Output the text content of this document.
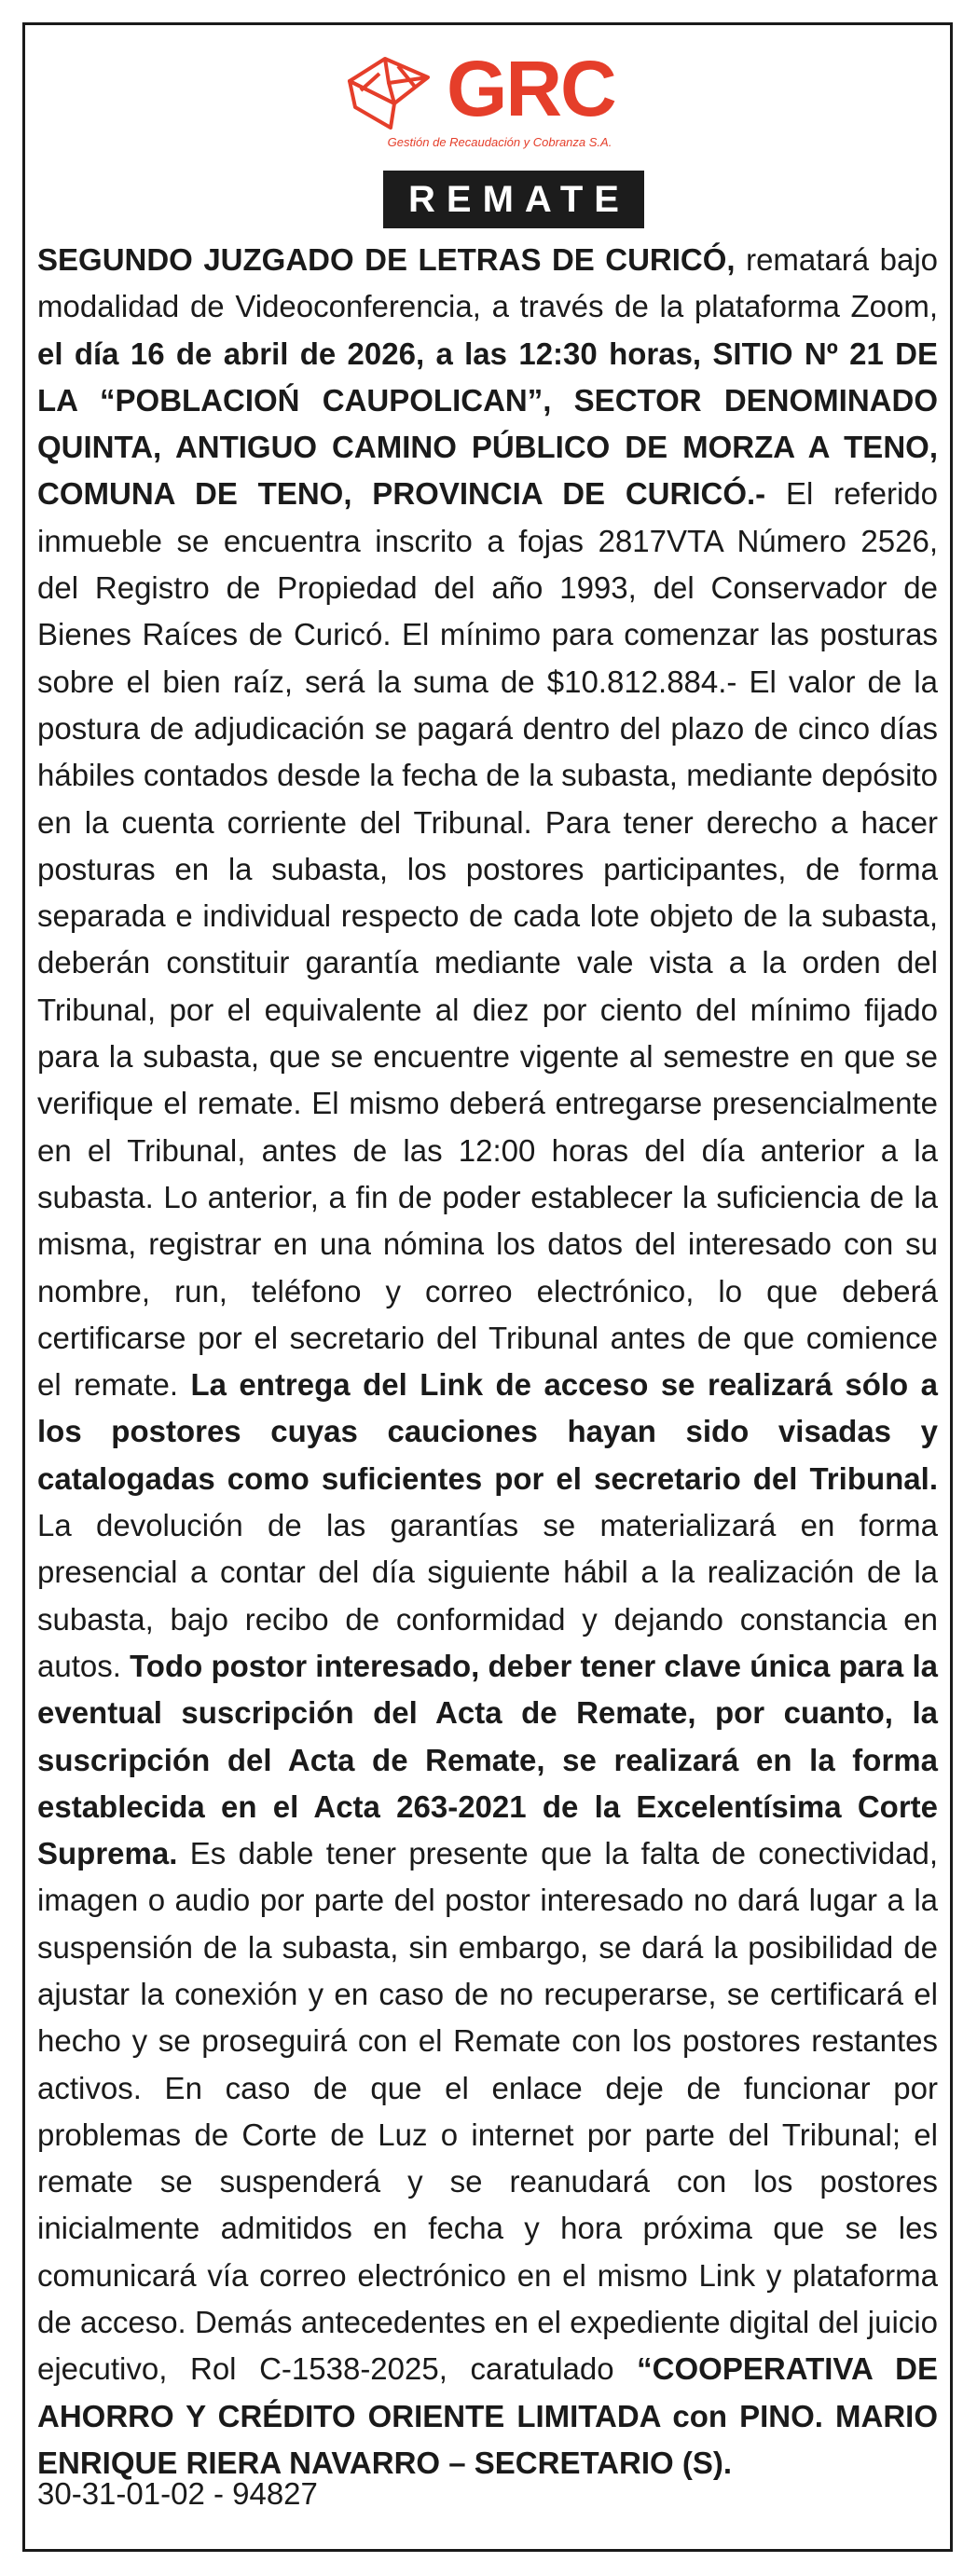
GRC
Gestión de Recaudación y Cobranza S.A.
REMATE
SEGUNDO JUZGADO DE LETRAS DE CURICÓ, rematará bajo modalidad de Videoconferencia, a través de la plataforma Zoom, el día 16 de abril de 2026, a las 12:30 horas, SITIO Nº 21 DE LA “POBLACIOŃ CAUPOLICAN”, SECTOR DENOMINADO QUINTA, ANTIGUO CAMINO PÚBLICO DE MORZA A TENO, COMUNA DE TENO, PROVINCIA DE CURICÓ.- El referido inmueble se encuentra inscrito a fojas 2817VTA Número 2526, del Registro de Propiedad del año 1993, del Conservador de Bienes Raíces de Curicó. El mínimo para comenzar las posturas sobre el bien raíz, será la suma de $10.812.884.- El valor de la postura de adjudicación se pagará dentro del plazo de cinco días hábiles contados desde la fecha de la subasta, mediante depósito en la cuenta corriente del Tribunal. Para tener derecho a hacer posturas en la subasta, los postores participantes, de forma separada e individual respecto de cada lote objeto de la subasta, deberán constituir garantía mediante vale vista a la orden del Tribunal, por el equivalente al diez por ciento del mínimo fijado para la subasta, que se encuentre vigente al semestre en que se verifique el remate. El mismo deberá entregarse presencialmente en el Tribunal, antes de las 12:00 horas del día anterior a la subasta. Lo anterior, a fin de poder establecer la suficiencia de la misma, registrar en una nómina los datos del interesado con su nombre, run, teléfono y correo electrónico, lo que deberá certificarse por el secretario del Tribunal antes de que comience el remate. La entrega del Link de acceso se realizará sólo a los postores cuyas cauciones hayan sido visadas y catalogadas como suficientes por el secretario del Tribunal. La devolución de las garantías se materializará en forma presencial a contar del día siguiente hábil a la realización de la subasta, bajo recibo de conformidad y dejando constancia en autos. Todo postor interesado, deber tener clave única para la eventual suscripción del Acta de Remate, por cuanto, la suscripción del Acta de Remate, se realizará en la forma establecida en el Acta 263-2021 de la Excelentísima Corte Suprema. Es dable tener presente que la falta de conectividad, imagen o audio por parte del postor interesado no dará lugar a la suspensión de la subasta, sin embargo, se dará la posibilidad de ajustar la conexión y en caso de no recuperarse, se certificará el hecho y se proseguirá con el Remate con los postores restantes activos. En caso de que el enlace deje de funcionar por problemas de Corte de Luz o internet por parte del Tribunal; el remate se suspenderá y se reanudará con los postores inicialmente admitidos en fecha y hora próxima que se les comunicará vía correo electrónico en el mismo Link y plataforma de acceso. Demás antecedentes en el expediente digital del juicio ejecutivo, Rol C-1538-2025, caratulado “COOPERATIVA DE AHORRO Y CRÉDITO ORIENTE LIMITADA con PINO. MARIO ENRIQUE RIERA NAVARRO – SECRETARIO (S).
30-31-01-02 - 94827
